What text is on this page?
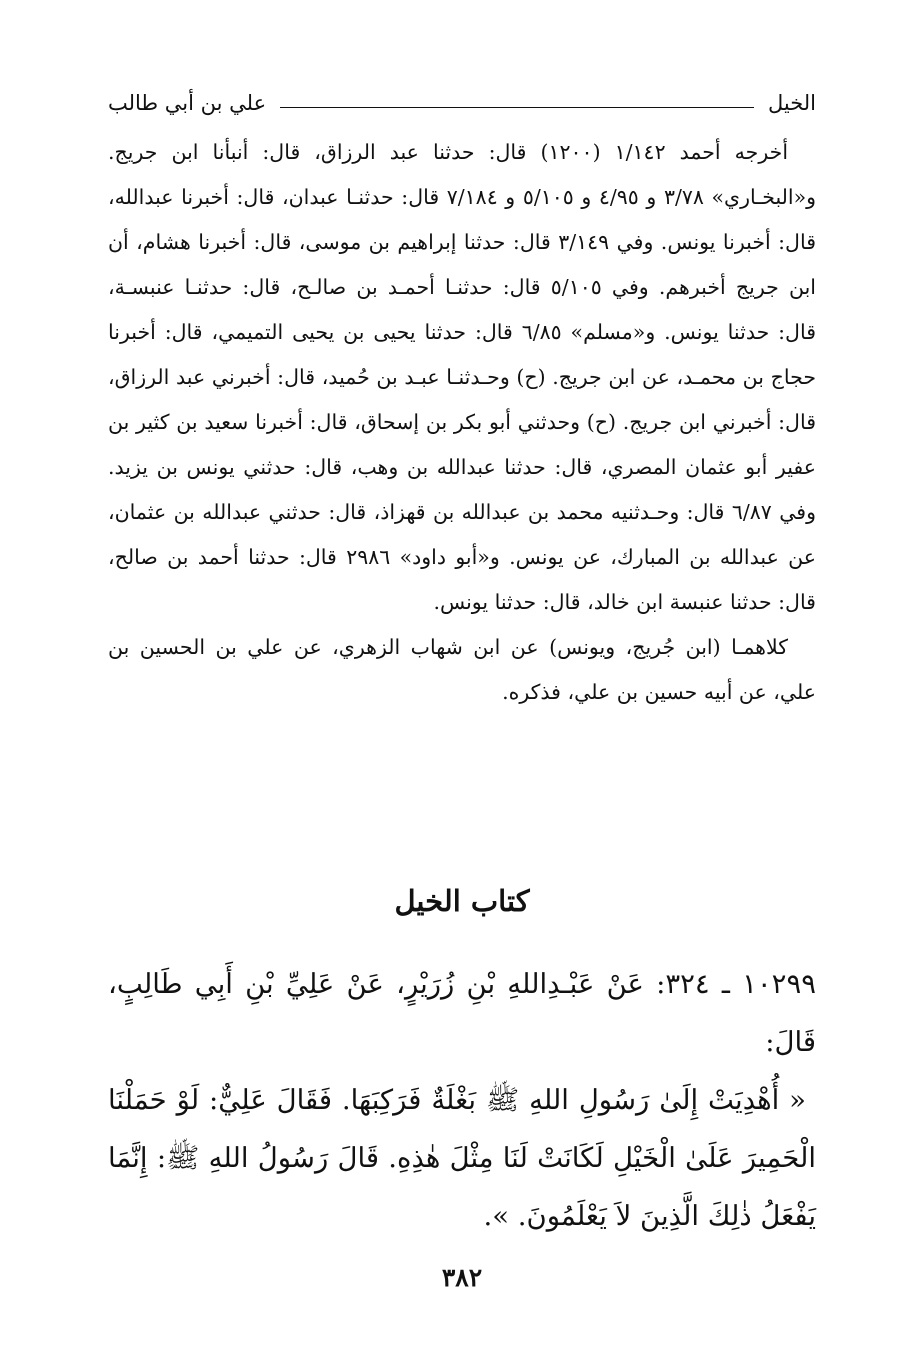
الخيل
علي بن أبي طالب

أخرجه أحمد ١/١٤٢ (١٢٠٠) قال: حدثنا عبد الرزاق، قال: أنبأنا ابن جريج. و«البخـاري» ٣/٧٨ و ٤/٩٥ و ٥/١٠٥ و ٧/١٨٤ قال: حدثنـا عبدان، قال: أخبرنا عبدالله، قال: أخبرنا يونس. وفي ٣/١٤٩ قال: حدثنا إبراهيم بن موسى، قال: أخبرنا هشام، أن ابن جريج أخبرهم. وفي ٥/١٠٥ قال: حدثنـا أحمـد بن صالـح، قال: حدثنـا عنبسـة، قال: حدثنا يونس. و«مسلم» ٦/٨٥ قال: حدثنا يحيى بن يحيى التميمي، قال: أخبرنا حجاج بن محمـد، عن ابن جريج. (ح) وحـدثنـا عبـد بن حُميد، قال: أخبرني عبد الرزاق، قال: أخبرني ابن جريج. (ح) وحدثني أبو بكر بن إسحاق، قال: أخبرنا سعيد بن كثير بن عفير أبو عثمان المصري، قال: حدثنا عبدالله بن وهب، قال: حدثني يونس بن يزيد. وفي ٦/٨٧ قال: وحـدثنيه محمد بن عبدالله بن قهزاذ، قال: حدثني عبدالله بن عثمان، عن عبدالله بن المبارك، عن يونس. و«أبو داود» ٢٩٨٦ قال: حدثنا أحمد بن صالح، قال: حدثنا عنبسة ابن خالد، قال: حدثنا يونس.

كلاهمـا (ابن جُريج، ويونس) عن ابن شهاب الزهري، عن علي بن الحسين بن علي، عن أبيه حسين بن علي، فذكره.

كتاب الخيل

١٠٢٩٩ ـ ٣٢٤: عَنْ عَبْـدِاللهِ بْنِ زُرَيْرٍ، عَنْ عَلِيِّ بْنِ أَبِي طَالِبٍ، قَالَ:

« أُهْدِيَتْ إِلَىٰ رَسُولِ اللهِ ﷺ بَغْلَةٌ فَرَكِبَهَا. فَقَالَ عَلِيٌّ: لَوْ حَمَلْنَا الْحَمِيرَ عَلَىٰ الْخَيْلِ لَكَانَتْ لَنَا مِثْلَ هٰذِهِ. قَالَ رَسُولُ اللهِ ﷺ: إِنَّمَا يَفْعَلُ ذٰلِكَ الَّذِينَ لاَ يَعْلَمُونَ. ».

٣٨٢
